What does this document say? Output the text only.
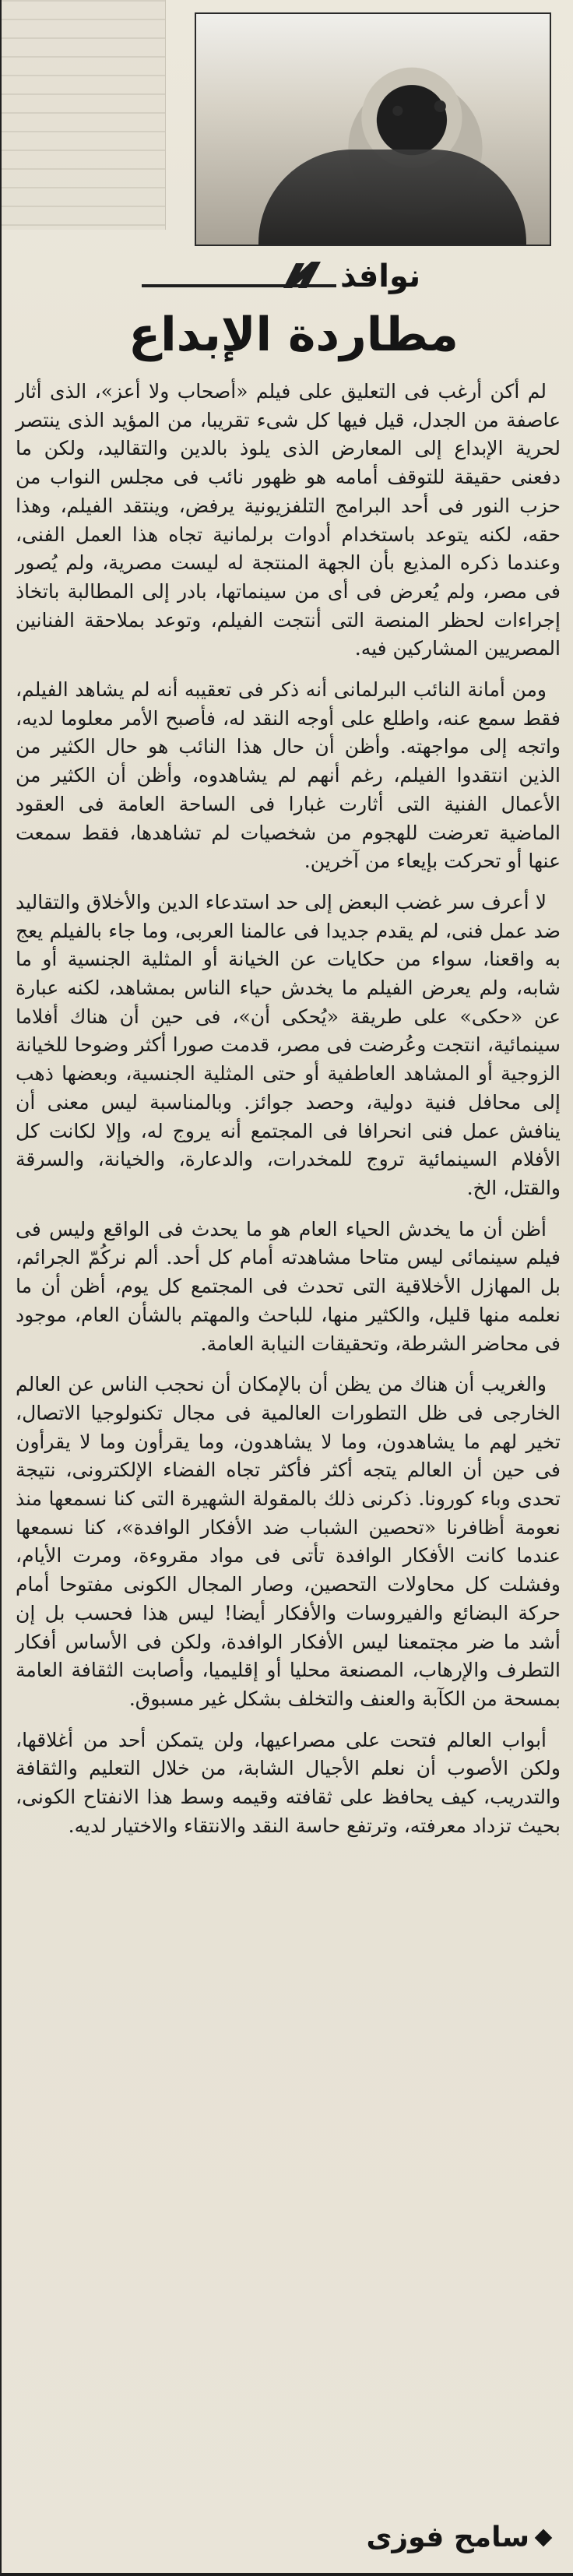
نوافذ
مطاردة الإبداع

لم أكن أرغب فى التعليق على فيلم «أصحاب ولا أعز»، الذى أثار عاصفة من الجدل، قيل فيها كل شىء تقريبا، من المؤيد الذى ينتصر لحرية الإبداع إلى المعارض الذى يلوذ بالدين والتقاليد، ولكن ما دفعنى حقيقة للتوقف أمامه هو ظهور نائب فى مجلس النواب من حزب النور فى أحد البرامج التلفزيونية يرفض، وينتقد الفيلم، وهذا حقه، لكنه يتوعد باستخدام أدوات برلمانية تجاه هذا العمل الفنى، وعندما ذكره المذيع بأن الجهة المنتجة له ليست مصرية، ولم يُصور فى مصر، ولم يُعرض فى أى من سينماتها، بادر إلى المطالبة باتخاذ إجراءات لحظر المنصة التى أنتجت الفيلم، وتوعد بملاحقة الفنانين المصريين المشاركين فيه.

ومن أمانة النائب البرلمانى أنه ذكر فى تعقيبه أنه لم يشاهد الفيلم، فقط سمع عنه، واطلع على أوجه النقد له، فأصبح الأمر معلوما لديه، واتجه إلى مواجهته. وأظن أن حال هذا النائب هو حال الكثير من الذين انتقدوا الفيلم، رغم أنهم لم يشاهدوه، وأظن أن الكثير من الأعمال الفنية التى أثارت غبارا فى الساحة العامة فى العقود الماضية تعرضت للهجوم من شخصيات لم تشاهدها، فقط سمعت عنها أو تحركت بإيعاء من آخرين.

لا أعرف سر غضب البعض إلى حد استدعاء الدين والأخلاق والتقاليد ضد عمل فنى، لم يقدم جديدا فى عالمنا العربى، وما جاء بالفيلم يعج به واقعنا، سواء من حكايات عن الخيانة أو المثلية الجنسية أو ما شابه، ولم يعرض الفيلم ما يخدش حياء الناس بمشاهد، لكنه عبارة عن «حكى» على طريقة «يُحكى أن»، فى حين أن هناك أفلاما سينمائية، انتجت وعُرضت فى مصر، قدمت صورا أكثر وضوحا للخيانة الزوجية أو المشاهد العاطفية أو حتى المثلية الجنسية، وبعضها ذهب إلى محافل فنية دولية، وحصد جوائز. وبالمناسبة ليس معنى أن ينافش عمل فنى انحرافا فى المجتمع أنه يروج له، وإلا لكانت كل الأفلام السينمائية تروج للمخدرات، والدعارة، والخيانة، والسرقة والقتل، الخ.

أظن أن ما يخدش الحياء العام هو ما يحدث فى الواقع وليس فى فيلم سينمائى ليس متاحا مشاهدته أمام كل أحد. ألم نركُمّ الجرائم، بل المهازل الأخلاقية التى تحدث فى المجتمع كل يوم، أظن أن ما نعلمه منها قليل، والكثير منها، للباحث والمهتم بالشأن العام، موجود فى محاضر الشرطة، وتحقيقات النيابة العامة.

والغريب أن هناك من يظن أن بالإمكان أن نحجب الناس عن العالم الخارجى فى ظل التطورات العالمية فى مجال تكنولوجيا الاتصال، تخير لهم ما يشاهدون، وما لا يشاهدون، وما يقرأون وما لا يقرأون فى حين أن العالم يتجه أكثر فأكثر تجاه الفضاء الإلكترونى، نتيجة تحدى وباء كورونا. ذكرنى ذلك بالمقولة الشهيرة التى كنا نسمعها منذ نعومة أظافرنا «تحصين الشباب ضد الأفكار الوافدة»، كنا نسمعها عندما كانت الأفكار الوافدة تأتى فى مواد مقروءة، ومرت الأيام، وفشلت كل محاولات التحصين، وصار المجال الكونى مفتوحا أمام حركة البضائع والفيروسات والأفكار أيضا! ليس هذا فحسب بل إن أشد ما ضر مجتمعنا ليس الأفكار الوافدة، ولكن فى الأساس أفكار التطرف والإرهاب، المصنعة محليا أو إقليميا، وأصابت الثقافة العامة بمسحة من الكآبة والعنف والتخلف بشكل غير مسبوق.

أبواب العالم فتحت على مصراعيها، ولن يتمكن أحد من أغلاقها، ولكن الأصوب أن نعلم الأجيال الشابة، من خلال التعليم والثقافة والتدريب، كيف يحافظ على ثقافته وقيمه وسط هذا الانفتاح الكونى، بحيث تزداد معرفته، وترتفع حاسة النقد والانتقاء والاختيار لديه.

سامح فوزى
